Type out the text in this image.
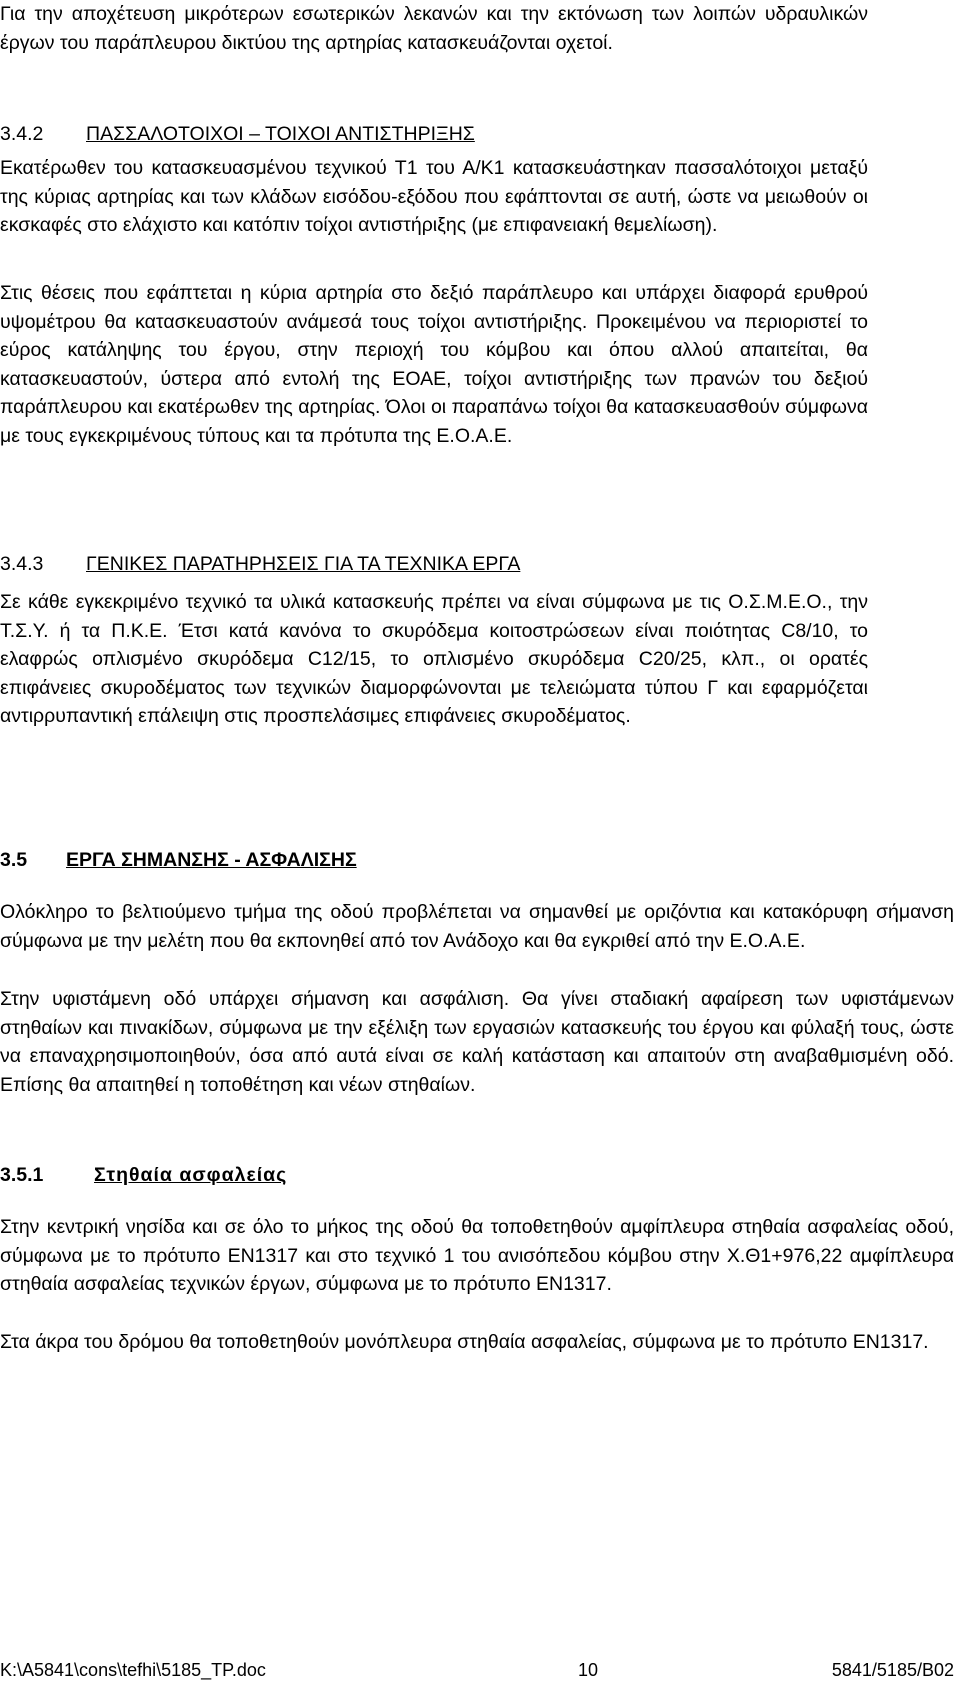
Για την αποχέτευση μικρότερων εσωτερικών λεκανών και την εκτόνωση των λοιπών υδραυλικών έργων του παράπλευρου δικτύου της αρτηρίας κατασκευάζονται οχετοί.

3.4.2 ΠΑΣΣΑΛΟΤΟΙΧΟΙ – ΤΟΙΧΟΙ ΑΝΤΙΣΤΗΡΙΞΗΣ

Εκατέρωθεν του κατασκευασμένου τεχνικού Τ1 του Α/Κ1 κατασκευάστηκαν πασσαλότοιχοι μεταξύ της κύριας αρτηρίας και των κλάδων εισόδου-εξόδου που εφάπτονται σε αυτή, ώστε να μειωθούν οι εκσκαφές στο ελάχιστο και κατόπιν τοίχοι αντιστήριξης (με επιφανειακή θεμελίωση).

Στις θέσεις που εφάπτεται η κύρια αρτηρία στο δεξιό παράπλευρο και υπάρχει διαφορά ερυθρού υψομέτρου θα κατασκευαστούν ανάμεσά τους τοίχοι αντιστήριξης. Προκειμένου να περιοριστεί το εύρος κατάληψης του έργου, στην περιοχή του κόμβου και όπου αλλού απαιτείται, θα κατασκευαστούν, ύστερα από εντολή της ΕΟΑΕ, τοίχοι αντιστήριξης των πρανών του δεξιού παράπλευρου και εκατέρωθεν της αρτηρίας. Όλοι οι παραπάνω τοίχοι θα κατασκευασθούν σύμφωνα με τους εγκεκριμένους τύπους και τα πρότυπα της Ε.Ο.Α.Ε.

3.4.3 ΓΕΝΙΚΕΣ ΠΑΡΑΤΗΡΗΣΕΙΣ ΓΙΑ ΤΑ ΤΕΧΝΙΚΑ ΕΡΓΑ

Σε κάθε εγκεκριμένο τεχνικό τα υλικά κατασκευής πρέπει να είναι σύμφωνα με τις Ο.Σ.Μ.Ε.Ο., την Τ.Σ.Υ. ή τα Π.Κ.Ε. Έτσι κατά κανόνα το σκυρόδεμα κοιτοστρώσεων είναι ποιότητας C8/10, το ελαφρώς οπλισμένο σκυρόδεμα C12/15, το οπλισμένο σκυρόδεμα C20/25, κλπ., οι ορατές επιφάνειες σκυροδέματος των τεχνικών διαμορφώνονται με τελειώματα τύπου Γ και εφαρμόζεται αντιρρυπαντική επάλειψη στις προσπελάσιμες επιφάνειες σκυροδέματος.

3.5 ΕΡΓΑ ΣΗΜΑΝΣΗΣ - ΑΣΦΑΛΙΣΗΣ

Ολόκληρο το βελτιούμενο τμήμα της οδού προβλέπεται να σημανθεί με οριζόντια και κατακόρυφη σήμανση σύμφωνα με την μελέτη που θα εκπονηθεί από τον Ανάδοχο και θα εγκριθεί από την Ε.Ο.Α.Ε.

Στην υφιστάμενη οδό υπάρχει σήμανση και ασφάλιση. Θα γίνει σταδιακή αφαίρεση των υφιστάμενων στηθαίων και πινακίδων, σύμφωνα με την εξέλιξη των εργασιών κατασκευής του έργου και φύλαξή τους, ώστε να επαναχρησιμοποιηθούν, όσα από αυτά είναι σε καλή κατάσταση και απαιτούν στη αναβαθμισμένη οδό. Επίσης θα απαιτηθεί η τοποθέτηση και νέων στηθαίων.

3.5.1	Στηθαία ασφαλείας

Στην κεντρική νησίδα και σε όλο το μήκος της οδού θα τοποθετηθούν αμφίπλευρα στηθαία ασφαλείας οδού, σύμφωνα με το πρότυπο ΕΝ1317 και στο τεχνικό 1 του ανισόπεδου κόμβου στην Χ.Θ1+976,22 αμφίπλευρα στηθαία ασφαλείας τεχνικών έργων, σύμφωνα με το πρότυπο ΕΝ1317.

Στα άκρα του δρόμου θα τοποθετηθούν μονόπλευρα στηθαία ασφαλείας, σύμφωνα με το πρότυπο ΕΝ1317.

K:\A5841\cons\tefhi\5185_TP.doc	10	5841/5185/B02
